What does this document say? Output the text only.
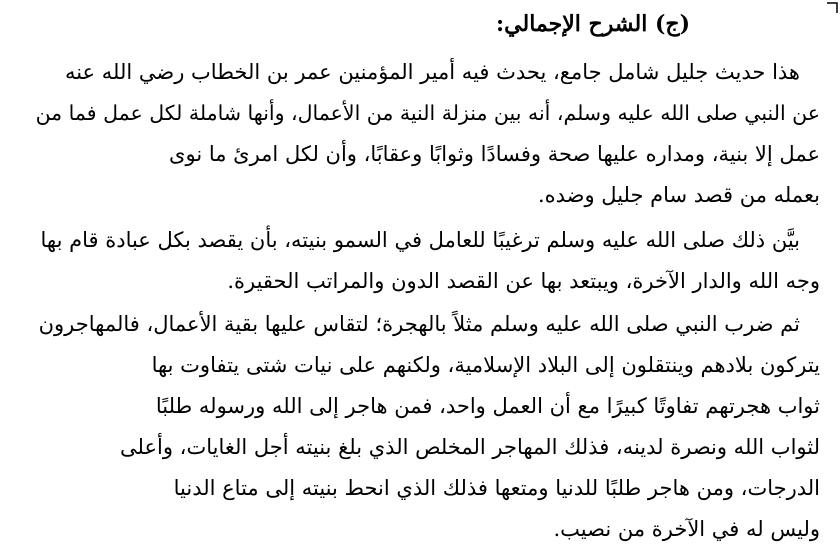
(ج) الشرح الإجمالي:
هذا حديث جليل شامل جامع، يحدث فيه أمير المؤمنين عمر بن الخطاب رضي الله عنه
عن النبي صلى الله عليه وسلم، أنه بين منزلة النية من الأعمال، وأنها شاملة لكل عمل فما من
عمل إلا بنية، ومداره عليها صحة وفسادًا وثوابًا وعقابًا، وأن لكل امرئ ما نوى
بعمله من قصد سام جليل وضده.
بيَّن ذلك صلى الله عليه وسلم ترغيبًا للعامل في السمو بنيته، بأن يقصد بكل عبادة قام بها
وجه الله والدار الآخرة، ويبتعد بها عن القصد الدون والمراتب الحقيرة.
ثم ضرب النبي صلى الله عليه وسلم مثلاً بالهجرة؛ لتقاس عليها بقية الأعمال، فالمهاجرون
يتركون بلادهم وينتقلون إلى البلاد الإسلامية، ولكنهم على نيات شتى يتفاوت بها
ثواب هجرتهم تفاوتًا كبيرًا مع أن العمل واحد، فمن هاجر إلى الله ورسوله طلبًا
لثواب الله ونصرة لدينه، فذلك المهاجر المخلص الذي بلغ بنيته أجل الغايات، وأعلى
الدرجات، ومن هاجر طلبًا للدنيا ومتعها فذلك الذي انحط بنيته إلى متاع الدنيا
وليس له في الآخرة من نصيب.
